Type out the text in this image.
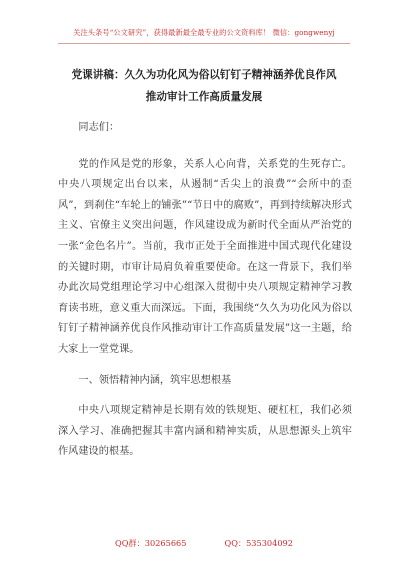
关注头条号“公文研究”，获得最新最全最专业的公文资料库！ 微信：gongwenyj
党课讲稿：久久为功化风为俗以钉钉子精神涵养优良作风
推动审计工作高质量发展

同志们：

党的作风是党的形象，关系人心向背，关系党的生死存亡。中央八项规定出台以来，从遏制“舌尖上的浪费”“会所中的歪风”，到刹住“车轮上的铺张”“节日中的腐败”，再到持续解决形式主义、官僚主义突出问题，作风建设成为新时代全面从严治党的一张“金色名片”。当前，我市正处于全面推进中国式现代化建设的关键时期，市审计局肩负着重要使命。在这一背景下，我们举办此次局党组理论学习中心组深入贯彻中央八项规定精神学习教育读书班，意义重大而深远。下面，我围绕“久久为功化风为俗以钉钉子精神涵养优良作风推动审计工作高质量发展”这一主题，给大家上一堂党课。

一、领悟精神内涵，筑牢思想根基

中央八项规定精神是长期有效的铁规矩、硬杠杠，我们必须深入学习、准确把握其丰富内涵和精神实质，从思想源头上筑牢作风建设的根基。

QQ群：30265665	QQ：535304092
